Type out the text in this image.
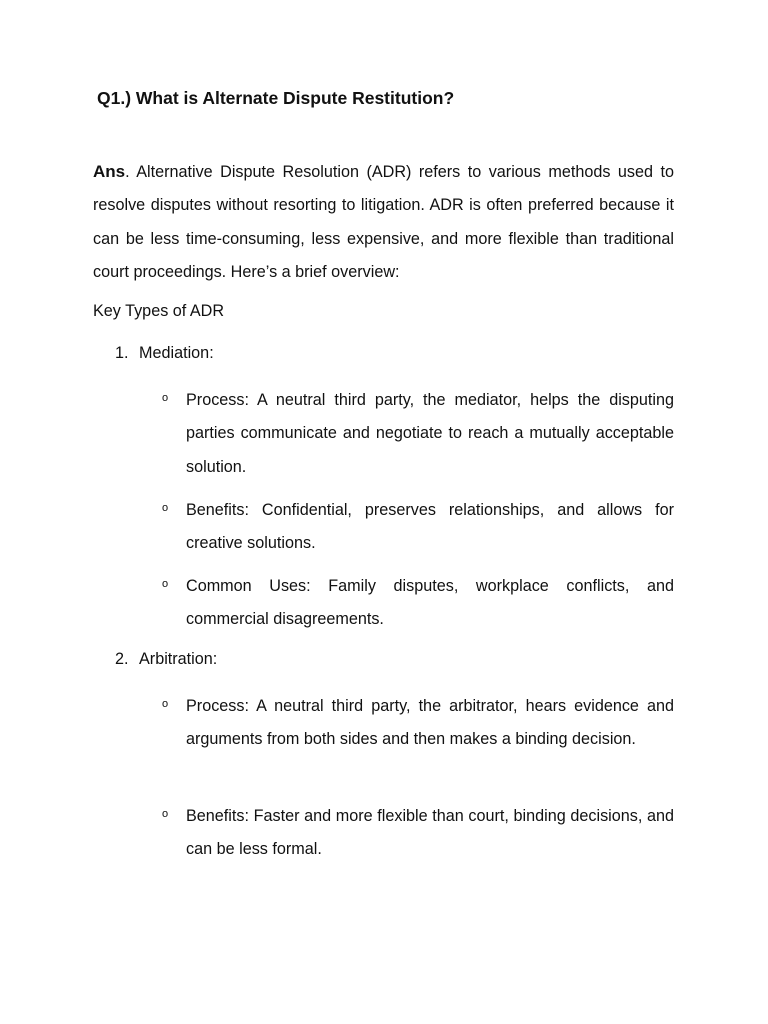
Q1.) What is Alternate Dispute Restitution?
Ans. Alternative Dispute Resolution (ADR) refers to various methods used to resolve disputes without resorting to litigation. ADR is often preferred because it can be less time-consuming, less expensive, and more flexible than traditional court proceedings. Here’s a brief overview:
Key Types of ADR
1. Mediation:
o Process: A neutral third party, the mediator, helps the disputing parties communicate and negotiate to reach a mutually acceptable solution.
o Benefits: Confidential, preserves relationships, and allows for creative solutions.
o Common Uses: Family disputes, workplace conflicts, and commercial disagreements.
2. Arbitration:
o Process: A neutral third party, the arbitrator, hears evidence and arguments from both sides and then makes a binding decision.
o Benefits: Faster and more flexible than court, binding decisions, and can be less formal.
